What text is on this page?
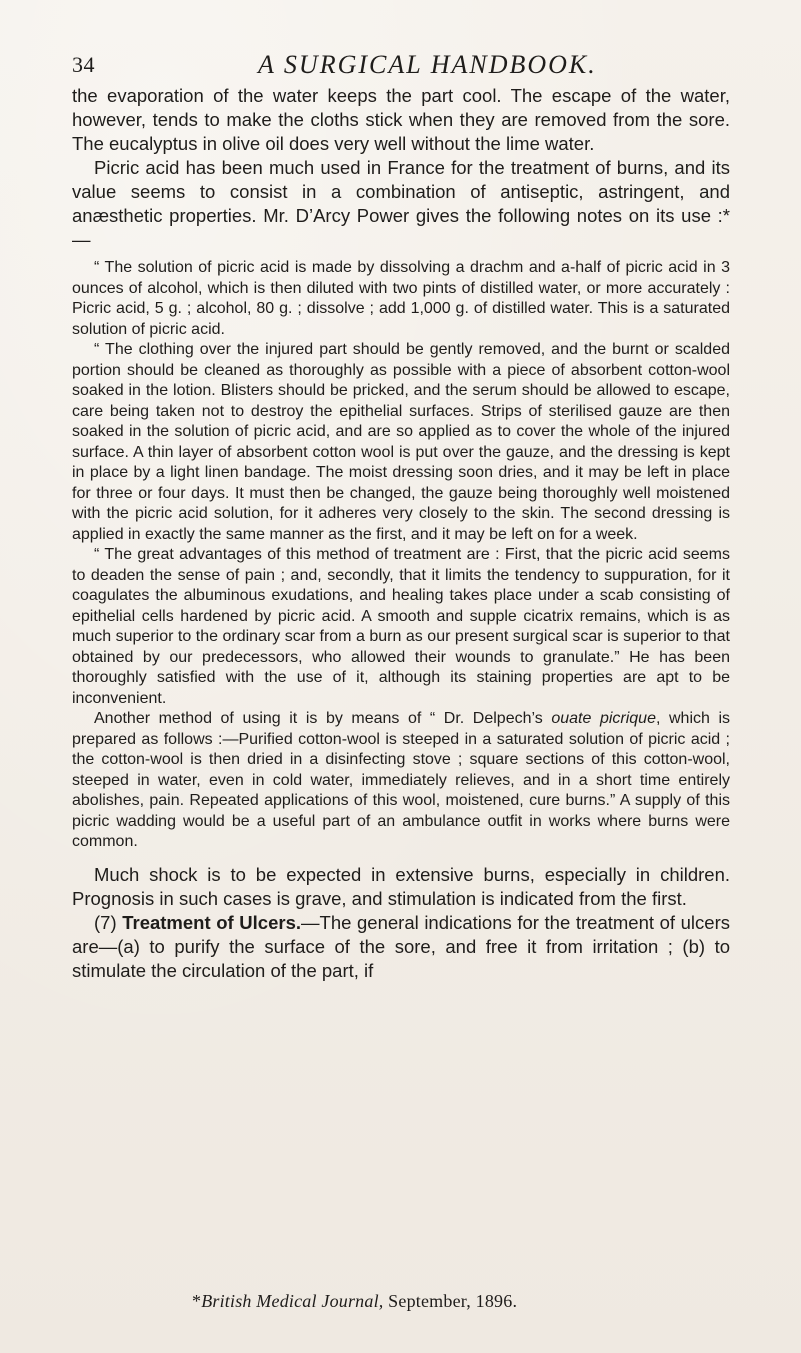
34	A SURGICAL HANDBOOK.

the evaporation of the water keeps the part cool. The escape of the water, however, tends to make the cloths stick when they are removed from the sore. The eucalyptus in olive oil does very well without the lime water.

Picric acid has been much used in France for the treatment of burns, and its value seems to consist in a combination of antiseptic, astringent, and anæsthetic properties. Mr. D’Arcy Power gives the following notes on its use :*—

“ The solution of picric acid is made by dissolving a drachm and a-half of picric acid in 3 ounces of alcohol, which is then diluted with two pints of distilled water, or more accurately : Picric acid, 5 g. ; alcohol, 80 g. ; dissolve ; add 1,000 g. of distilled water. This is a saturated solution of picric acid.

“ The clothing over the injured part should be gently removed, and the burnt or scalded portion should be cleaned as thoroughly as possible with a piece of absorbent cotton-wool soaked in the lotion. Blisters should be pricked, and the serum should be allowed to escape, care being taken not to destroy the epithelial surfaces. Strips of sterilised gauze are then soaked in the solution of picric acid, and are so applied as to cover the whole of the injured surface. A thin layer of absorbent cotton wool is put over the gauze, and the dressing is kept in place by a light linen bandage. The moist dressing soon dries, and it may be left in place for three or four days. It must then be changed, the gauze being thoroughly well moistened with the picric acid solution, for it adheres very closely to the skin. The second dressing is applied in exactly the same manner as the first, and it may be left on for a week.

“ The great advantages of this method of treatment are : First, that the picric acid seems to deaden the sense of pain ; and, secondly, that it limits the tendency to suppuration, for it coagulates the albuminous exudations, and healing takes place under a scab consisting of epithelial cells hardened by picric acid. A smooth and supple cicatrix remains, which is as much superior to the ordinary scar from a burn as our present surgical scar is superior to that obtained by our predecessors, who allowed their wounds to granulate.” He has been thoroughly satisfied with the use of it, although its staining properties are apt to be inconvenient.

Another method of using it is by means of “ Dr. Delpech’s ouate picrique, which is prepared as follows :—Purified cotton-wool is steeped in a saturated solution of picric acid ; the cotton-wool is then dried in a disinfecting stove ; square sections of this cotton-wool, steeped in water, even in cold water, immediately relieves, and in a short time entirely abolishes, pain. Repeated applications of this wool, moistened, cure burns.” A supply of this picric wadding would be a useful part of an ambulance outfit in works where burns were common.

Much shock is to be expected in extensive burns, especially in children. Prognosis in such cases is grave, and stimulation is indicated from the first.

(7) Treatment of Ulcers.—The general indications for the treatment of ulcers are—(a) to purify the surface of the sore, and free it from irritation ; (b) to stimulate the circulation of the part, if

*British Medical Journal, September, 1896.
